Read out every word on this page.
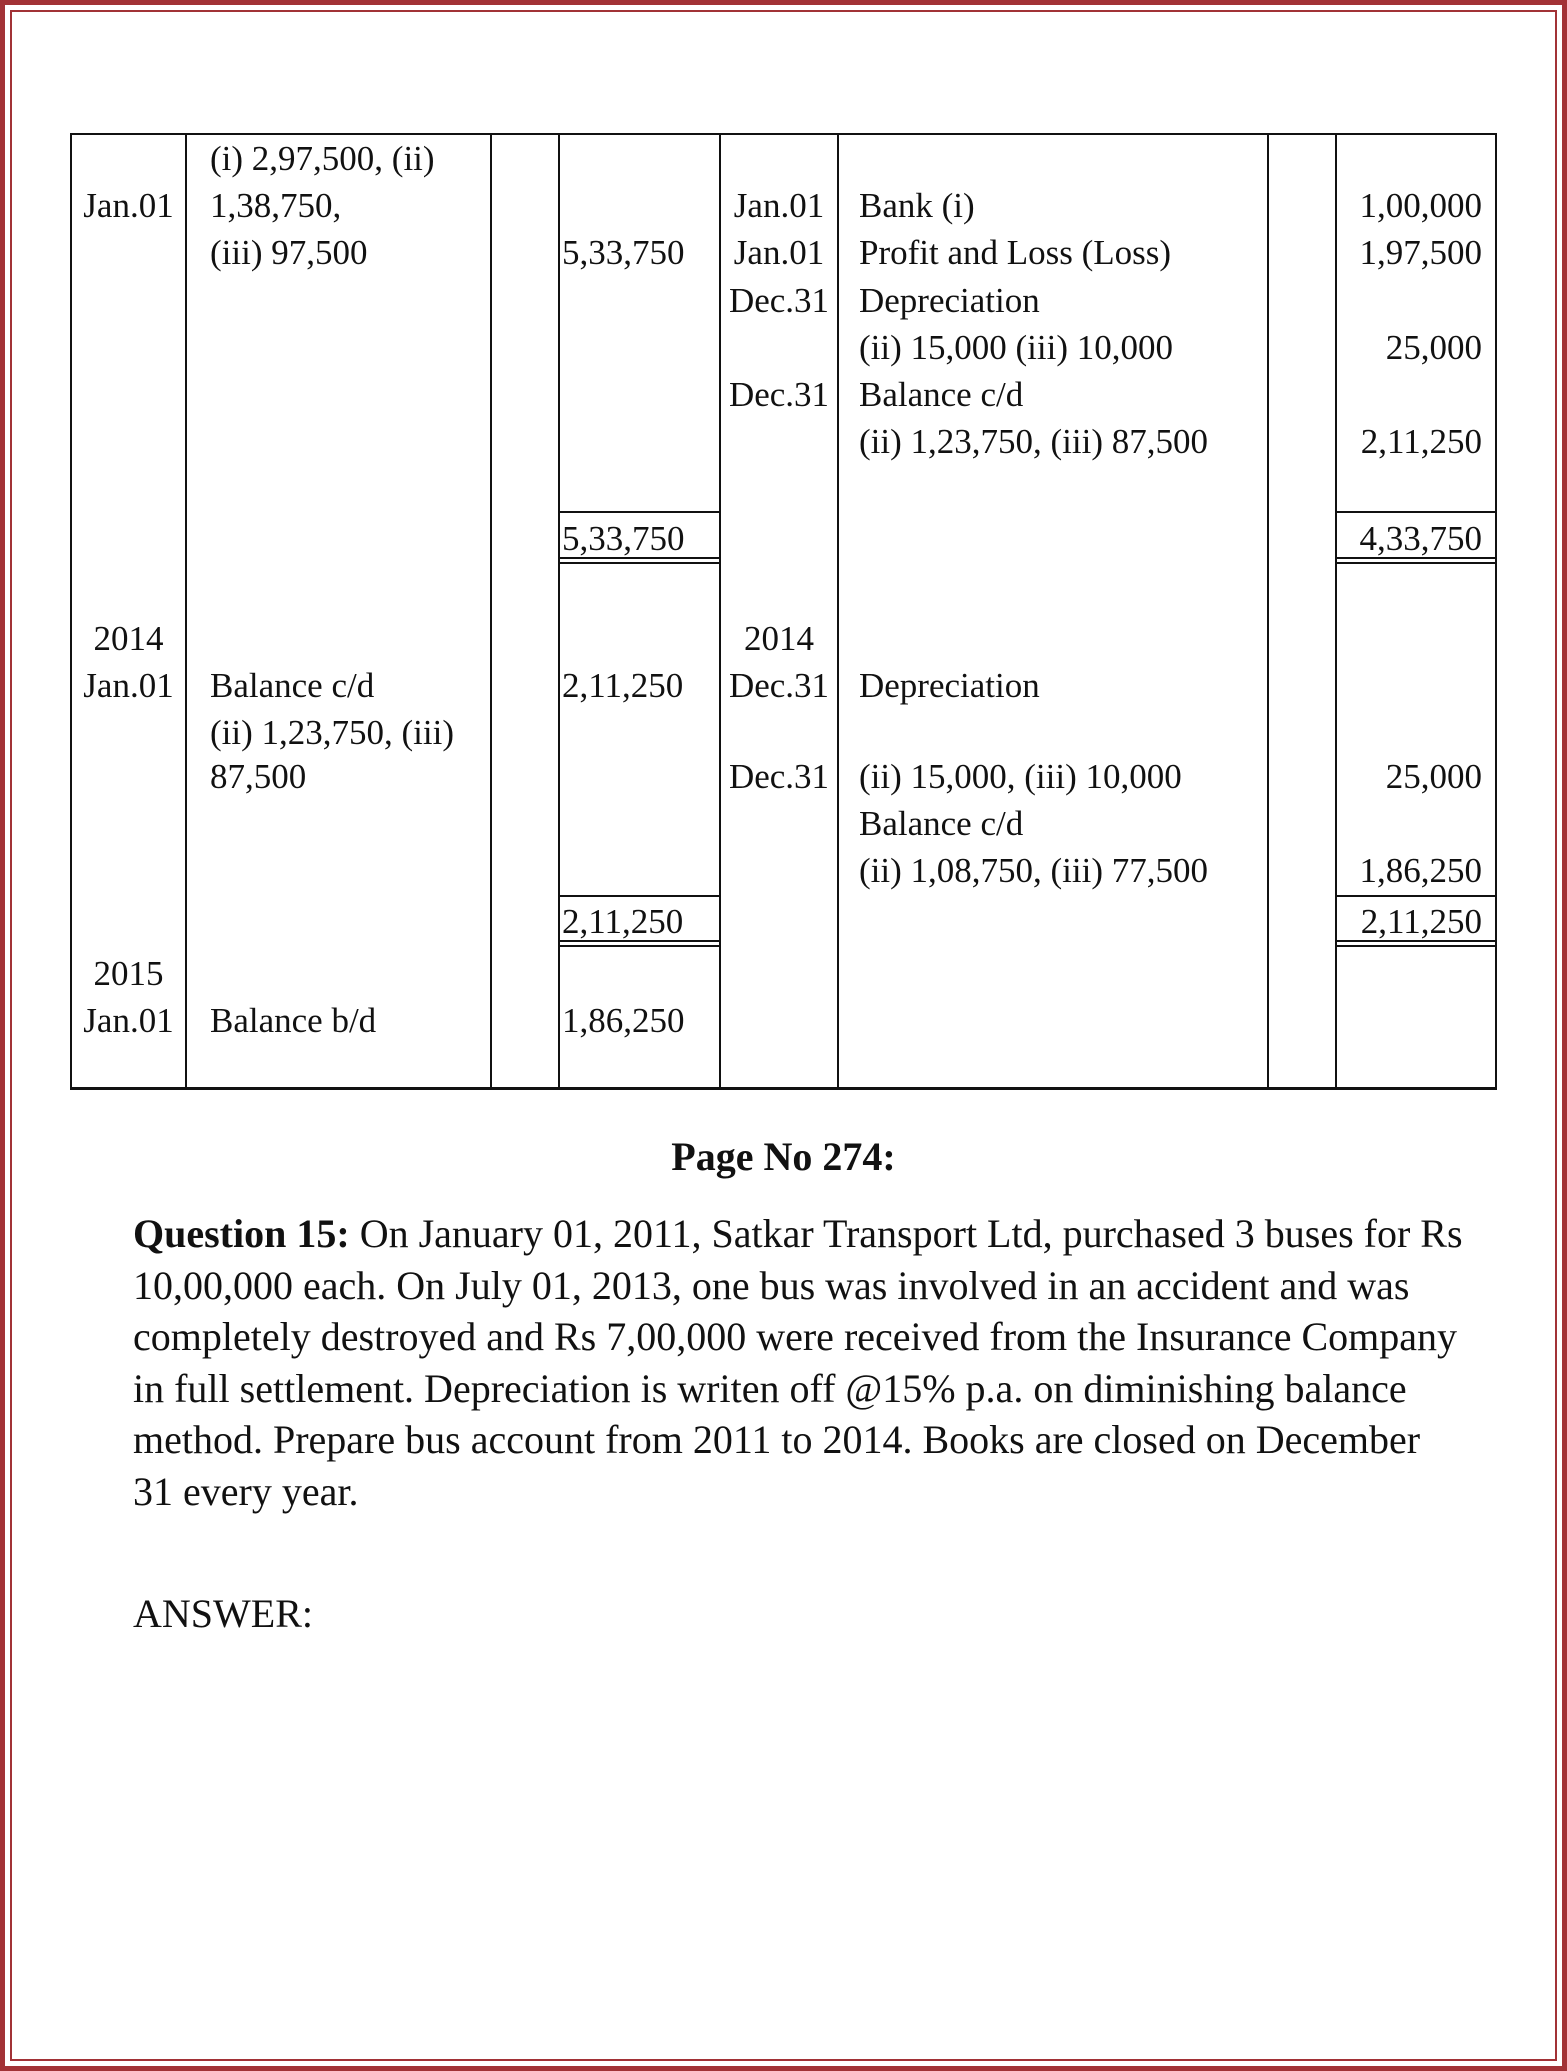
Jan.01
2014
Jan.01
2015
Jan.01
(i) 2,97,500, (ii)
1,38,750,
(iii) 97,500
Balance c/d
(ii) 1,23,750, (iii)
87,500
Balance b/d
5,33,750
5,33,750
2,11,250
2,11,250
1,86,250
Jan.01
Jan.01
Dec.31
Dec.31
2014
Dec.31
Dec.31
Bank (i)
Profit and Loss (Loss)
Depreciation
(ii) 15,000 (iii) 10,000
Balance c/d
(ii) 1,23,750, (iii) 87,500
Depreciation
(ii) 15,000, (iii) 10,000
Balance c/d
(ii) 1,08,750, (iii) 77,500
1,00,000
1,97,500
25,000
2,11,250
4,33,750
25,000
1,86,250
2,11,250
Page No 274:
Question 15: On January 01, 2011, Satkar Transport Ltd, purchased 3 buses for Rs 10,00,000 each. On July 01, 2013, one bus was involved in an accident and was completely destroyed and Rs 7,00,000 were received from the Insurance Company in full settlement. Depreciation is writen off @15% p.a. on diminishing balance method. Prepare bus account from 2011 to 2014. Books are closed on December 31 every year.
ANSWER:
